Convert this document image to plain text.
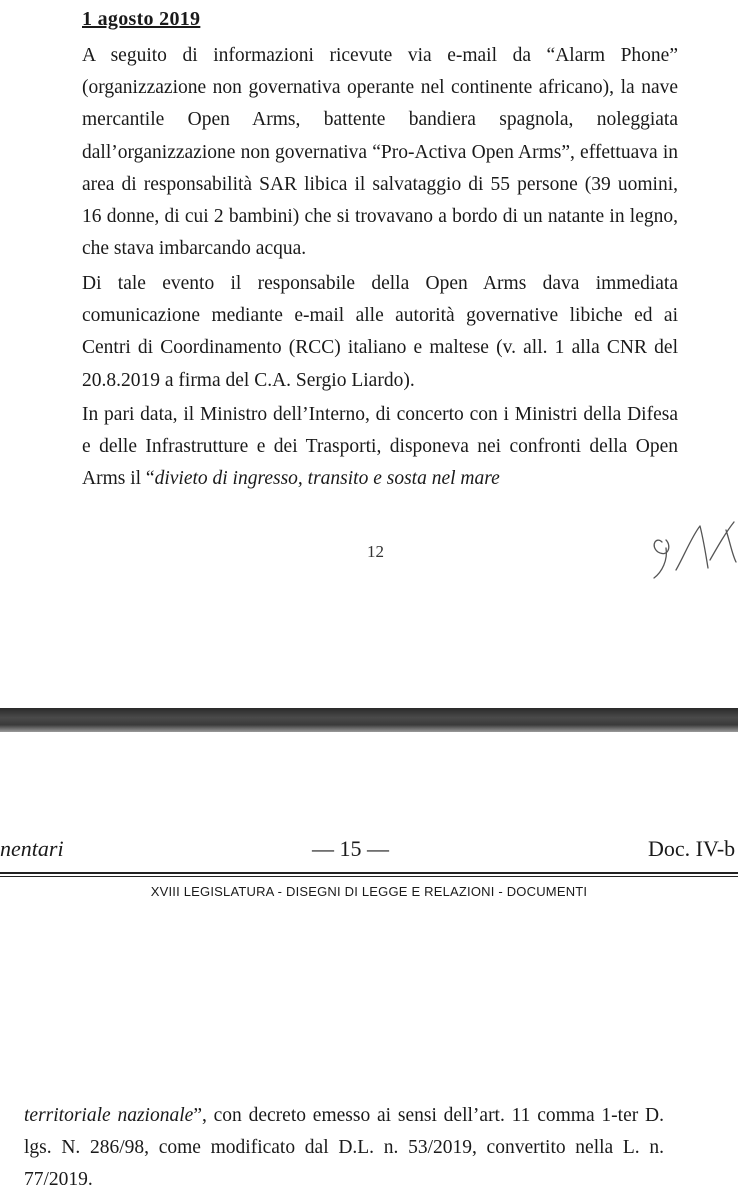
1 agosto 2019
A seguito di informazioni ricevute via e-mail da “Alarm Phone” (organizzazione non governativa operante nel continente africano), la nave mercantile Open Arms, battente bandiera spagnola, noleggiata dall’organizzazione non governativa “Pro-Activa Open Arms”, effettuava in area di responsabilità SAR libica il salvataggio di 55 persone (39 uomini, 16 donne, di cui 2 bambini) che si trovavano a bordo di un natante in legno, che stava imbarcando acqua.
Di tale evento il responsabile della Open Arms dava immediata comunicazione mediante e-mail alle autorità governative libiche ed ai Centri di Coordinamento (RCC) italiano e maltese (v. all. 1 alla CNR del 20.8.2019 a firma del C.A. Sergio Liardo).
In pari data, il Ministro dell’Interno, di concerto con i Ministri della Difesa e delle Infrastrutture e dei Trasporti, disponeva nei confronti della Open Arms il “divieto di ingresso, transito e sosta nel mare
12
nentari	— 15 —	Doc. IV-b
XVIII LEGISLATURA - DISEGNI DI LEGGE E RELAZIONI - DOCUMENTI
territoriale nazionale”, con decreto emesso ai sensi dell’art. 11 comma 1-ter D. lgs. N. 286/98, come modificato dal D.L. n. 53/2019, convertito nella L. n. 77/2019.
